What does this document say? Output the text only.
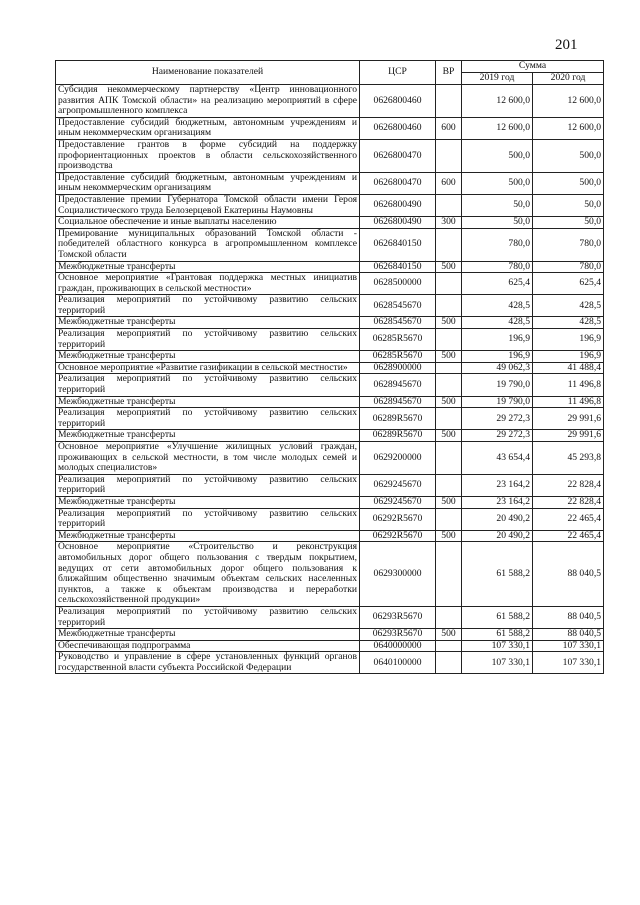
201
Наименование показателей	ЦСР	ВР	Сумма	
			2019 год	2020 год
Субсидия некоммерческому партнерству «Центр инновационного развития АПК Томской области» на реализацию мероприятий в сфере агропромышленного комплекса	0626800460		12 600,0	12 600,0
Предоставление субсидий бюджетным, автономным учреждениям и иным некоммерческим организациям	0626800460	600	12 600,0	12 600,0
Предоставление грантов в форме субсидий на поддержку профориентационных проектов в области сельскохозяйственного производства	0626800470		500,0	500,0
Предоставление субсидий бюджетным, автономным учреждениям и иным некоммерческим организациям	0626800470	600	500,0	500,0
Предоставление премии Губернатора Томской области имени Героя Социалистического труда Белозерцевой Екатерины Наумовны	0626800490		50,0	50,0
Социальное обеспечение и иные выплаты населению	0626800490	300	50,0	50,0
Премирование муниципальных образований Томской области - победителей областного конкурса в агропромышленном комплексе Томской области	0626840150		780,0	780,0
Межбюджетные трансферты	0626840150	500	780,0	780,0
Основное мероприятие «Грантовая поддержка местных инициатив граждан, проживающих в сельской местности»	0628500000		625,4	625,4
Реализация мероприятий по устойчивому развитию сельских территорий	0628545670		428,5	428,5
Межбюджетные трансферты	0628545670	500	428,5	428,5
Реализация мероприятий по устойчивому развитию сельских территорий	06285R5670		196,9	196,9
Межбюджетные трансферты	06285R5670	500	196,9	196,9
Основное мероприятие «Развитие газификации в сельской местности»	0628900000		49 062,3	41 488,4
Реализация мероприятий по устойчивому развитию сельских территорий	0628945670		19 790,0	11 496,8
Межбюджетные трансферты	0628945670	500	19 790,0	11 496,8
Реализация мероприятий по устойчивому развитию сельских территорий	06289R5670		29 272,3	29 991,6
Межбюджетные трансферты	06289R5670	500	29 272,3	29 991,6
Основное мероприятие «Улучшение жилищных условий граждан, проживающих в сельской местности, в том числе молодых семей и молодых специалистов»	0629200000		43 654,4	45 293,8
Реализация мероприятий по устойчивому развитию сельских территорий	0629245670		23 164,2	22 828,4
Межбюджетные трансферты	0629245670	500	23 164,2	22 828,4
Реализация мероприятий по устойчивому развитию сельских территорий	06292R5670		20 490,2	22 465,4
Межбюджетные трансферты	06292R5670	500	20 490,2	22 465,4
Основное мероприятие «Строительство и реконструкция автомобильных дорог общего пользования с твердым покрытием, ведущих от сети автомобильных дорог общего пользования к ближайшим общественно значимым объектам сельских населенных пунктов, а также к объектам производства и переработки сельскохозяйственной продукции»	0629300000		61 588,2	88 040,5
Реализация мероприятий по устойчивому развитию сельских территорий	06293R5670		61 588,2	88 040,5
Межбюджетные трансферты	06293R5670	500	61 588,2	88 040,5
Обеспечивающая подпрограмма	0640000000		107 330,1	107 330,1
Руководство и управление в сфере установленных функций органов государственной власти субъекта Российской Федерации	0640100000		107 330,1	107 330,1
